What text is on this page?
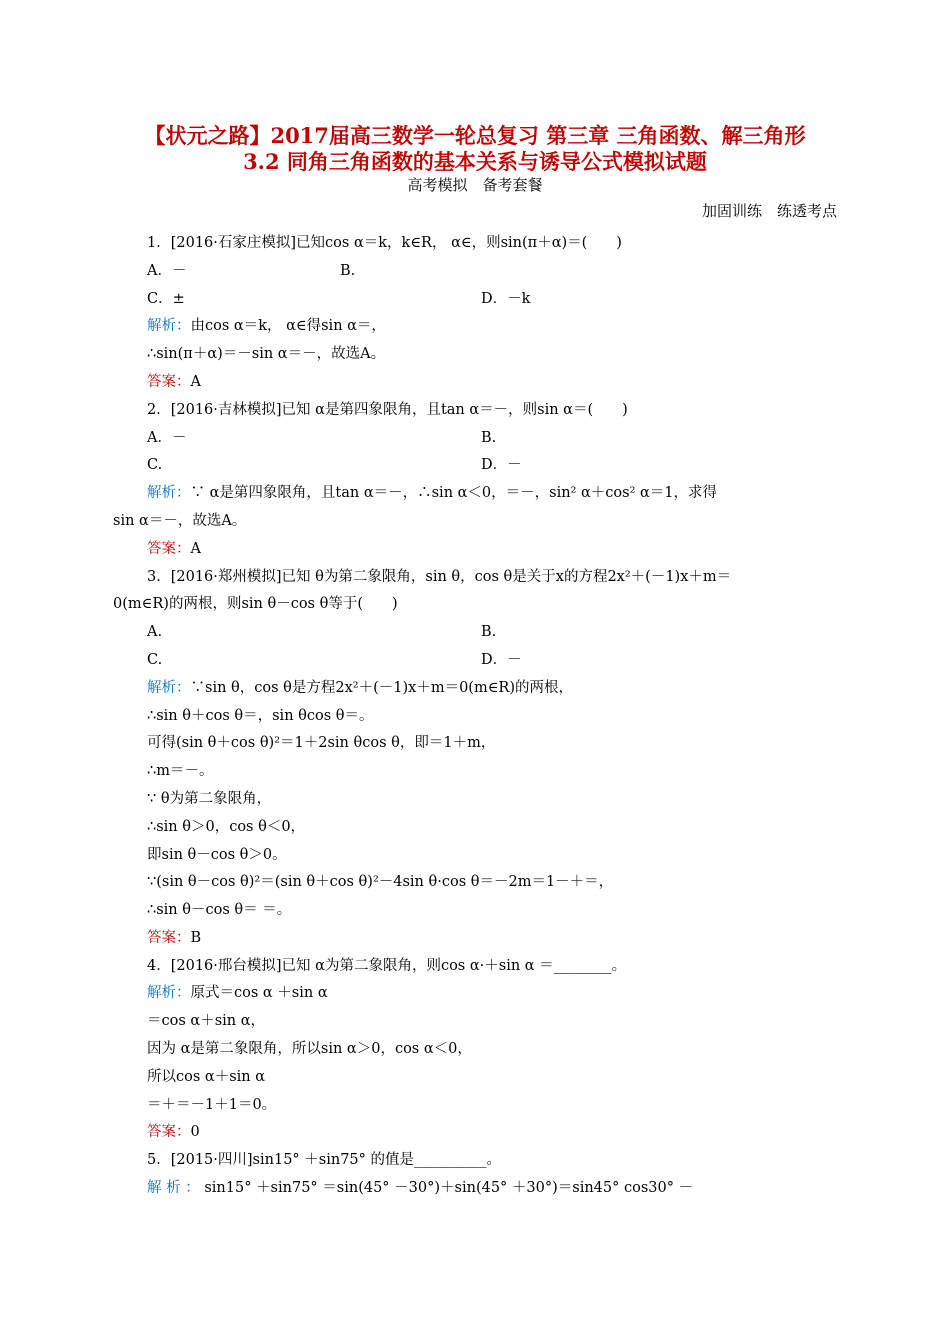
【状元之路】2017届高三数学一轮总复习 第三章 三角函数、解三角形
3.2 同角三角函数的基本关系与诱导公式模拟试题
高考模拟　备考套餐
加固训练　练透考点
1．[2016·石家庄模拟]已知cos α＝k，k∈R， α∈，则sin(π＋α)＝(　　)
A．－	B.
C．±	D．－k
解析：由cos α＝k， α∈得sin α＝，
∴sin(π＋α)＝－sin α＝－，故选A。
答案：A
2．[2016·吉林模拟]已知 α是第四象限角，且tan α＝－，则sin α＝(　　)
A．－	B.
C.	D．－
解析：∵ α是第四象限角，且tan α＝－，∴sin α＜0，＝－，sin² α＋cos² α＝1，求得
sin α＝－，故选A。
答案：A
3．[2016·郑州模拟]已知 θ为第二象限角，sin θ，cos θ是关于x的方程2x²＋(－1)x＋m＝
0(m∈R)的两根，则sin θ－cos θ等于(　　)
A.	B.
C.	D．－
解析：∵sin θ，cos θ是方程2x²＋(－1)x＋m＝0(m∈R)的两根，
∴sin θ＋cos θ＝，sin θcos θ＝。
可得(sin θ＋cos θ)²＝1＋2sin θcos θ，即＝1＋m，
∴m＝－。
∵ θ为第二象限角，
∴sin θ＞0，cos θ＜0，
即sin θ－cos θ＞0。
∵(sin θ－cos θ)²＝(sin θ＋cos θ)²－4sin θ·cos θ＝－2m＝1－＋＝，
∴sin θ－cos θ＝ ＝。
答案：B
4．[2016·邢台模拟]已知 α为第二象限角，则cos α·＋sin α ＝________。
解析：原式＝cos α ＋sin α
＝cos α＋sin α，
因为 α是第二象限角，所以sin α＞0，cos α＜0，
所以cos α＋sin α
＝＋＝－1＋1＝0。
答案：0
5．[2015·四川]sin15° ＋sin75° 的值是__________。
解 析 ： sin15° ＋sin75° ＝sin(45° －30°)＋sin(45° ＋30°)＝sin45° cos30° －
